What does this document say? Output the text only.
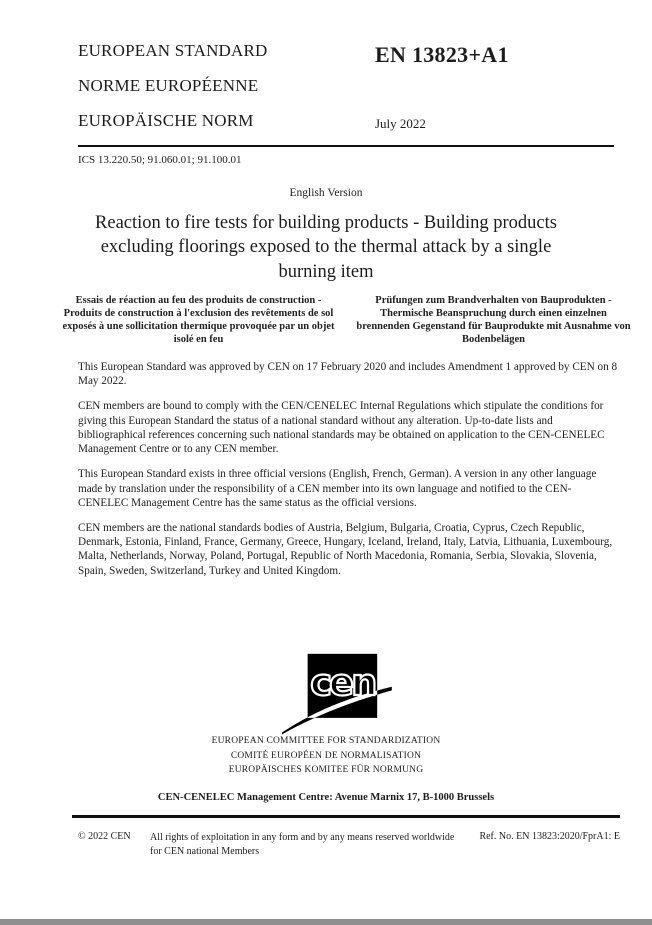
EUROPEAN STANDARD
NORME EUROPÉENNE
EUROPÄISCHE NORM
EN 13823+A1
July 2022
ICS 13.220.50; 91.060.01; 91.100.01
English Version
Reaction to fire tests for building products - Building products excluding floorings exposed to the thermal attack by a single burning item
Essais de réaction au feu des produits de construction - Produits de construction à l'exclusion des revêtements de sol exposés à une sollicitation thermique provoquée par un objet isolé en feu
Prüfungen zum Brandverhalten von Bauprodukten - Thermische Beanspruchung durch einen einzelnen brennenden Gegenstand für Bauprodukte mit Ausnahme von Bodenbelägen

This European Standard was approved by CEN on 17 February 2020 and includes Amendment 1 approved by CEN on 8 May 2022.

CEN members are bound to comply with the CEN/CENELEC Internal Regulations which stipulate the conditions for giving this European Standard the status of a national standard without any alteration. Up-to-date lists and bibliographical references concerning such national standards may be obtained on application to the CEN-CENELEC Management Centre or to any CEN member.

This European Standard exists in three official versions (English, French, German). A version in any other language made by translation under the responsibility of a CEN member into its own language and notified to the CEN-CENELEC Management Centre has the same status as the official versions.

CEN members are the national standards bodies of Austria, Belgium, Bulgaria, Croatia, Cyprus, Czech Republic, Denmark, Estonia, Finland, France, Germany, Greece, Hungary, Iceland, Ireland, Italy, Latvia, Lithuania, Luxembourg, Malta, Netherlands, Norway, Poland, Portugal, Republic of North Macedonia, Romania, Serbia, Slovakia, Slovenia, Spain, Sweden, Switzerland, Turkey and United Kingdom.

cen
EUROPEAN COMMITTEE FOR STANDARDIZATION
COMITÉ EUROPÉEN DE NORMALISATION
EUROPÄISCHES KOMITEE FÜR NORMUNG
CEN-CENELEC Management Centre: Avenue Marnix 17, B-1000 Brussels
© 2022 CEN All rights of exploitation in any form and by any means reserved worldwide for CEN national Members
Ref. No. EN 13823:2020/FprA1: E
